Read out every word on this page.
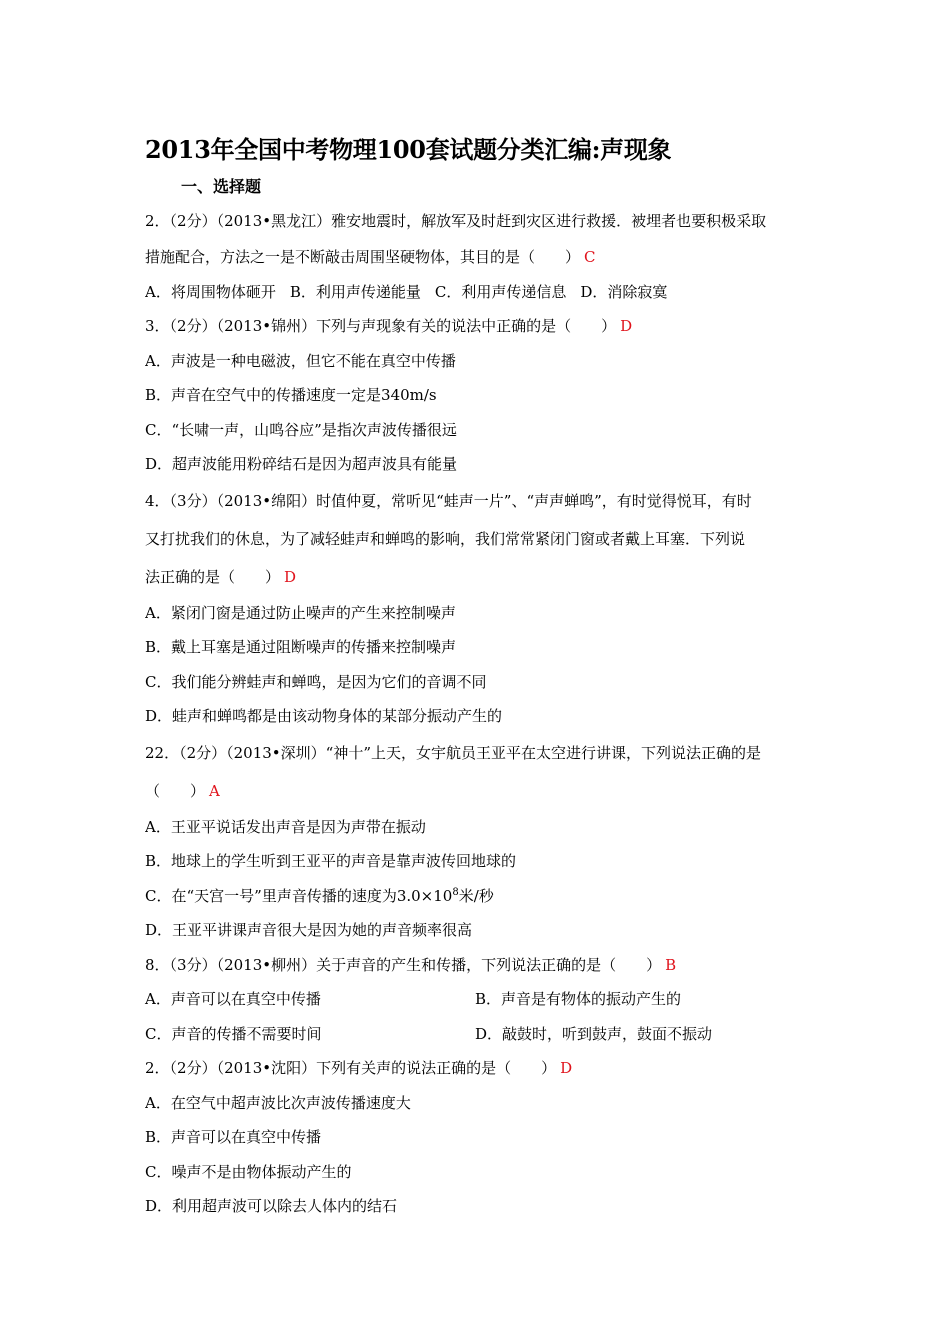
2013年全国中考物理100套试题分类汇编:声现象
一、选择题
2．（2分）（2013•黑龙江）雅安地震时，解放军及时赶到灾区进行救援．被埋者也要积极采取
措施配合，方法之一是不断敲击周围坚硬物体，其目的是（　　） C
A．将周围物体砸开 B．利用声传递能量 C．利用声传递信息 D．消除寂寞
3．（2分）（2013•锦州）下列与声现象有关的说法中正确的是（　　） D
A．声波是一种电磁波，但它不能在真空中传播
B．声音在空气中的传播速度一定是340m/s
C．“长啸一声，山鸣谷应”是指次声波传播很远
D．超声波能用粉碎结石是因为超声波具有能量
4．（3分）（2013•绵阳）时值仲夏，常听见“蛙声一片”、“声声蝉鸣”，有时觉得悦耳，有时
又打扰我们的休息，为了减轻蛙声和蝉鸣的影响，我们常常紧闭门窗或者戴上耳塞．下列说
法正确的是（　　） D
A．紧闭门窗是通过防止噪声的产生来控制噪声
B．戴上耳塞是通过阻断噪声的传播来控制噪声
C．我们能分辨蛙声和蝉鸣，是因为它们的音调不同
D．蛙声和蝉鸣都是由该动物身体的某部分振动产生的
22．（2分）（2013•深圳）“神十”上天，女宇航员王亚平在太空进行讲课，下列说法正确的是
（　　） A
A．王亚平说话发出声音是因为声带在振动
B．地球上的学生听到王亚平的声音是靠声波传回地球的
C．在“天宫一号”里声音传播的速度为$3.0\times 10^8$米/秒
D．王亚平讲课声音很大是因为她的声音频率很高
8．（3分）（2013•柳州）关于声音的产生和传播，下列说法正确的是（　　） B
A．声音可以在真空中传播	B．声音是有物体的振动产生的
C．声音的传播不需要时间	D．敲鼓时，听到鼓声，鼓面不振动
2．（2分）（2013•沈阳）下列有关声的说法正确的是（　　） D
A．在空气中超声波比次声波传播速度大
B．声音可以在真空中传播
C．噪声不是由物体振动产生的
D．利用超声波可以除去人体内的结石
